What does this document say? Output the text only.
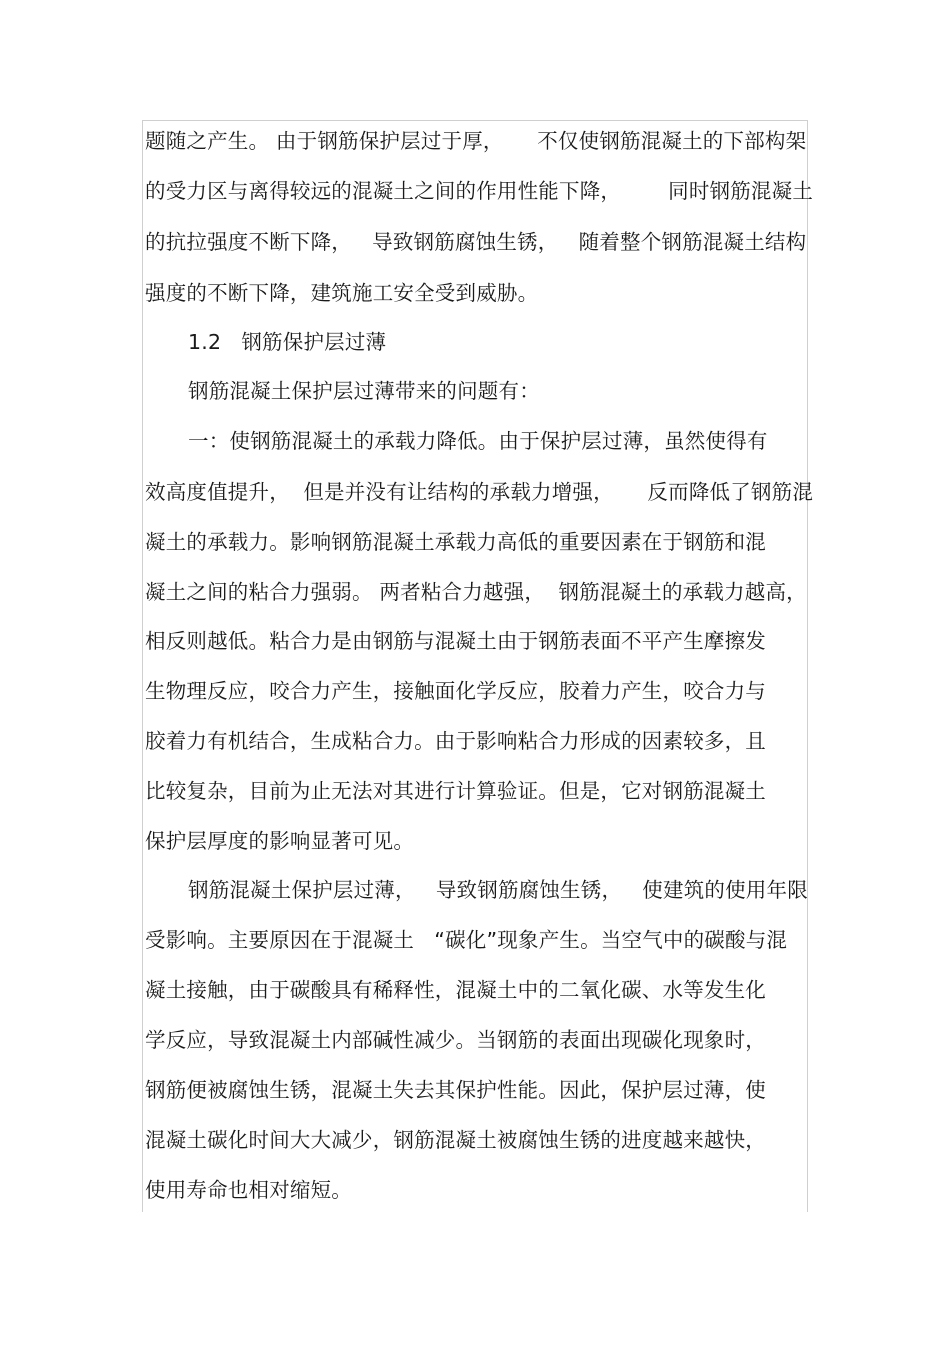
题随之产生。 由于钢筋保护层过于厚，     不仅使钢筋混凝土的下部构架
的受力区与离得较远的混凝土之间的作用性能下降，       同时钢筋混凝土
的抗拉强度不断下降，   导致钢筋腐蚀生锈，   随着整个钢筋混凝土结构
强度的不断下降，建筑施工安全受到威胁。
1.2   钢筋保护层过薄
钢筋混凝土保护层过薄带来的问题有：
一：使钢筋混凝土的承载力降低。由于保护层过薄，虽然使得有
效高度值提升，  但是并没有让结构的承载力增强，     反而降低了钢筋混
凝土的承载力。影响钢筋混凝土承载力高低的重要因素在于钢筋和混
凝土之间的粘合力强弱。 两者粘合力越强，  钢筋混凝土的承载力越高，
相反则越低。粘合力是由钢筋与混凝土由于钢筋表面不平产生摩擦发
生物理反应，咬合力产生，接触面化学反应，胶着力产生，咬合力与
胶着力有机结合，生成粘合力。由于影响粘合力形成的因素较多，且
比较复杂，目前为止无法对其进行计算验证。但是，它对钢筋混凝土
保护层厚度的影响显著可见。
钢筋混凝土保护层过薄，   导致钢筋腐蚀生锈，   使建筑的使用年限
受影响。主要原因在于混凝土   “碳化”现象产生。当空气中的碳酸与混
凝土接触，由于碳酸具有稀释性，混凝土中的二氧化碳、水等发生化
学反应，导致混凝土内部碱性减少。当钢筋的表面出现碳化现象时，
钢筋便被腐蚀生锈，混凝土失去其保护性能。因此，保护层过薄，使
混凝土碳化时间大大减少，钢筋混凝土被腐蚀生锈的进度越来越快，
使用寿命也相对缩短。
